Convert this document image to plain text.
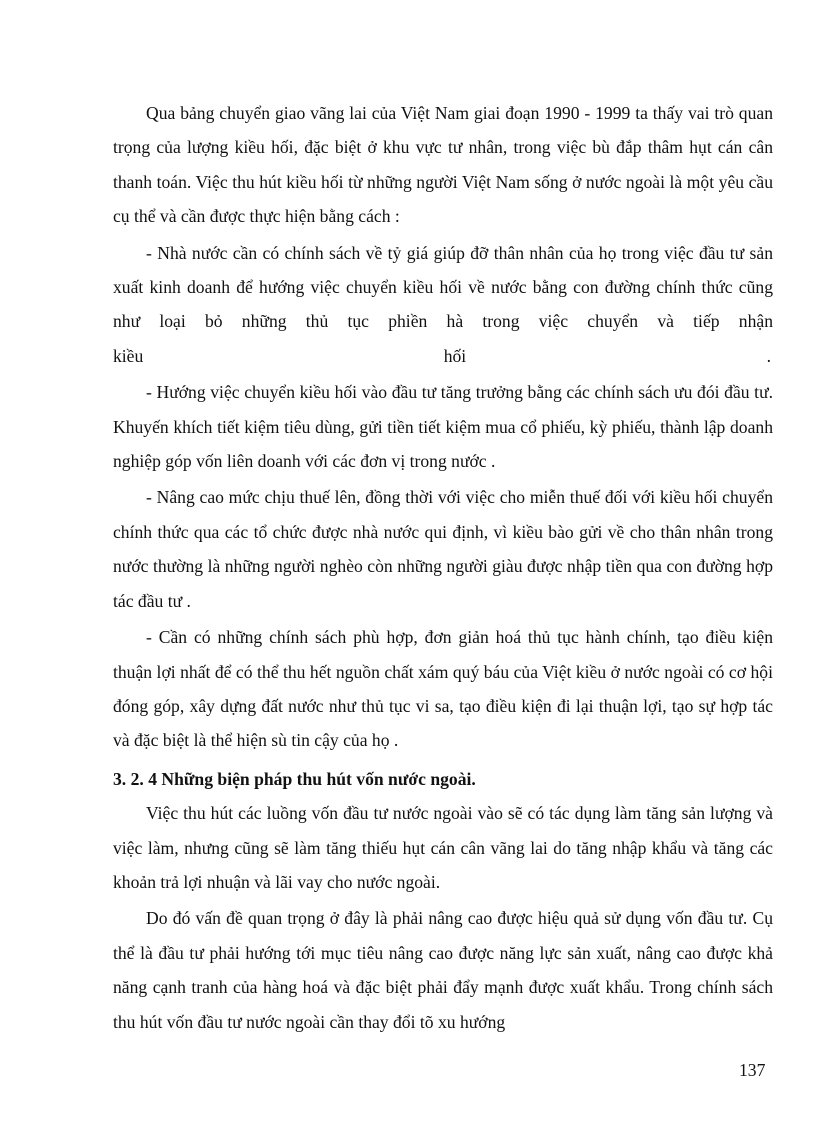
Qua bảng chuyển giao vãng lai của Việt Nam giai đoạn 1990 - 1999 ta thấy vai trò quan trọng của lượng kiều hối, đặc biệt ở khu vực tư nhân, trong việc bù đắp thâm hụt cán cân thanh toán. Việc thu hút kiều hối từ những người Việt Nam sống ở nước ngoài là một yêu cầu cụ thể và cần được thực hiện bằng cách :

- Nhà nước cần có chính sách về tỷ giá giúp đỡ thân nhân của họ trong việc đầu tư sản xuất kinh doanh để hướng việc chuyển kiều hối về nước bằng con đường chính thức cũng như loại bỏ những thủ tục phiền hà trong việc chuyển và tiếp nhận

kiều	hối	.

- Hướng việc chuyển kiều hối vào đầu tư tăng trưởng bằng các chính sách ưu đói đầu tư. Khuyến khích tiết kiệm tiêu dùng, gửi tiền tiết kiệm mua cổ phiếu, kỳ phiếu, thành lập doanh nghiệp góp vốn liên doanh với các đơn vị trong nước .

- Nâng cao mức chịu thuế lên, đồng thời với việc cho miễn thuế đối với kiều hối chuyển chính thức qua các tổ chức được nhà nước qui định, vì kiều bào gửi về cho thân nhân trong nước thường là những người nghèo còn những người giàu được nhập tiền qua con đường hợp tác đầu tư .

- Cần có những chính sách phù hợp, đơn giản hoá thủ tục hành chính, tạo điều kiện thuận lợi nhất để có thể thu hết nguồn chất xám quý báu của Việt kiều ở nước ngoài có cơ hội đóng góp, xây dựng đất nước như thủ tục vi sa, tạo điều kiện đi lại thuận lợi, tạo sự hợp tác và đặc biệt là thể hiện sù tin cậy của họ .

3. 2. 4 Những biện pháp thu hút vốn nước ngoài.

Việc thu hút các luồng vốn đầu tư nước ngoài vào sẽ có tác dụng làm tăng sản lượng và việc làm, nhưng cũng sẽ làm tăng thiếu hụt cán cân vãng lai do tăng nhập khẩu và tăng các khoản trả lợi nhuận và lãi vay cho nước ngoài.

Do đó vấn đề quan trọng ở đây là phải nâng cao được hiệu quả sử dụng vốn đầu tư. Cụ thể là đầu tư phải hướng tới mục tiêu nâng cao được năng lực sản xuất, nâng cao được khả năng cạnh tranh của hàng hoá và đặc biệt phải đẩy mạnh được xuất khẩu. Trong chính sách thu hút vốn đầu tư nước ngoài cần thay đổi tõ xu hướng

137
